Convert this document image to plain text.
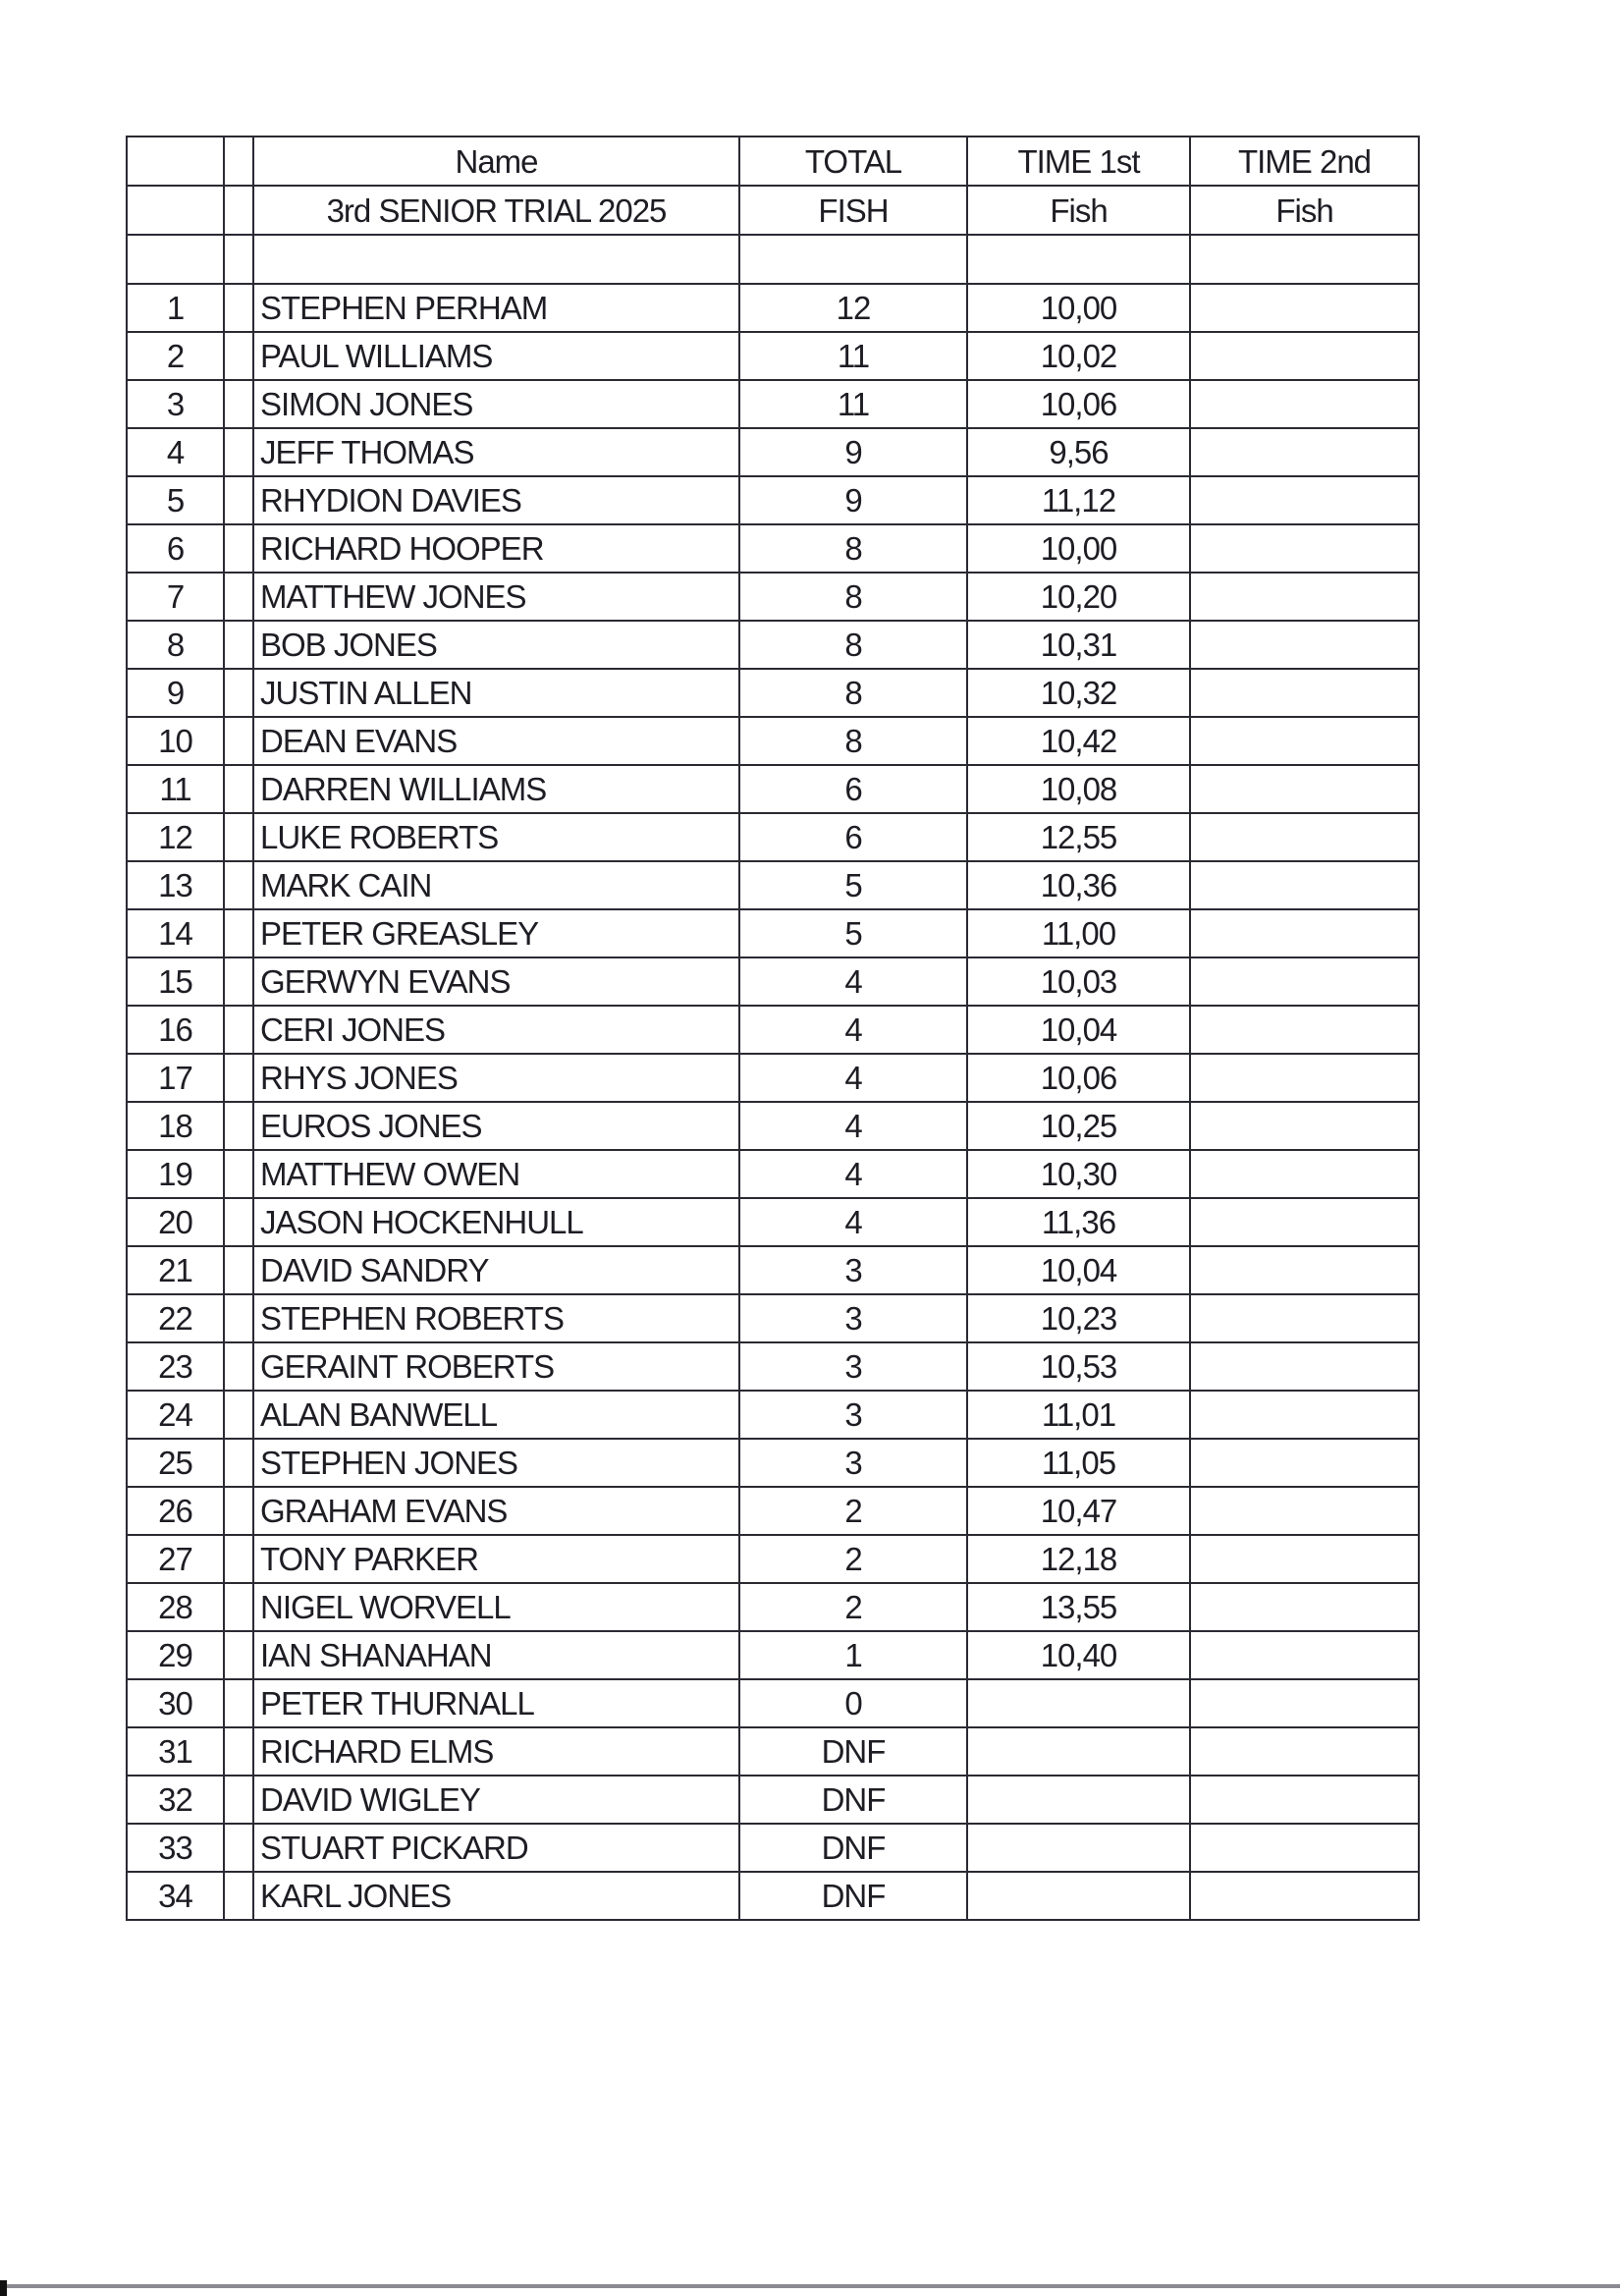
		Name	TOTAL	TIME 1st	TIME 2nd
		3rd SENIOR TRIAL 2025	FISH	Fish	Fish

1		STEPHEN PERHAM	12	10,00	
2		PAUL WILLIAMS	11	10,02	
3		SIMON JONES	11	10,06	
4		JEFF THOMAS	9	9,56	
5		RHYDION DAVIES	9	11,12	
6		RICHARD HOOPER	8	10,00	
7		MATTHEW JONES	8	10,20	
8		BOB JONES	8	10,31	
9		JUSTIN ALLEN	8	10,32	
10		DEAN EVANS	8	10,42	
11		DARREN WILLIAMS	6	10,08	
12		LUKE ROBERTS	6	12,55	
13		MARK CAIN	5	10,36	
14		PETER GREASLEY	5	11,00	
15		GERWYN EVANS	4	10,03	
16		CERI JONES	4	10,04	
17		RHYS JONES	4	10,06	
18		EUROS JONES	4	10,25	
19		MATTHEW OWEN	4	10,30	
20		JASON HOCKENHULL	4	11,36	
21		DAVID SANDRY	3	10,04	
22		STEPHEN ROBERTS	3	10,23	
23		GERAINT ROBERTS	3	10,53	
24		ALAN BANWELL	3	11,01	
25		STEPHEN JONES	3	11,05	
26		GRAHAM EVANS	2	10,47	
27		TONY PARKER	2	12,18	
28		NIGEL WORVELL	2	13,55	
29		IAN SHANAHAN	1	10,40	
30		PETER THURNALL	0		
31		RICHARD ELMS	DNF		
32		DAVID WIGLEY	DNF		
33		STUART PICKARD	DNF		
34		KARL JONES	DNF		
